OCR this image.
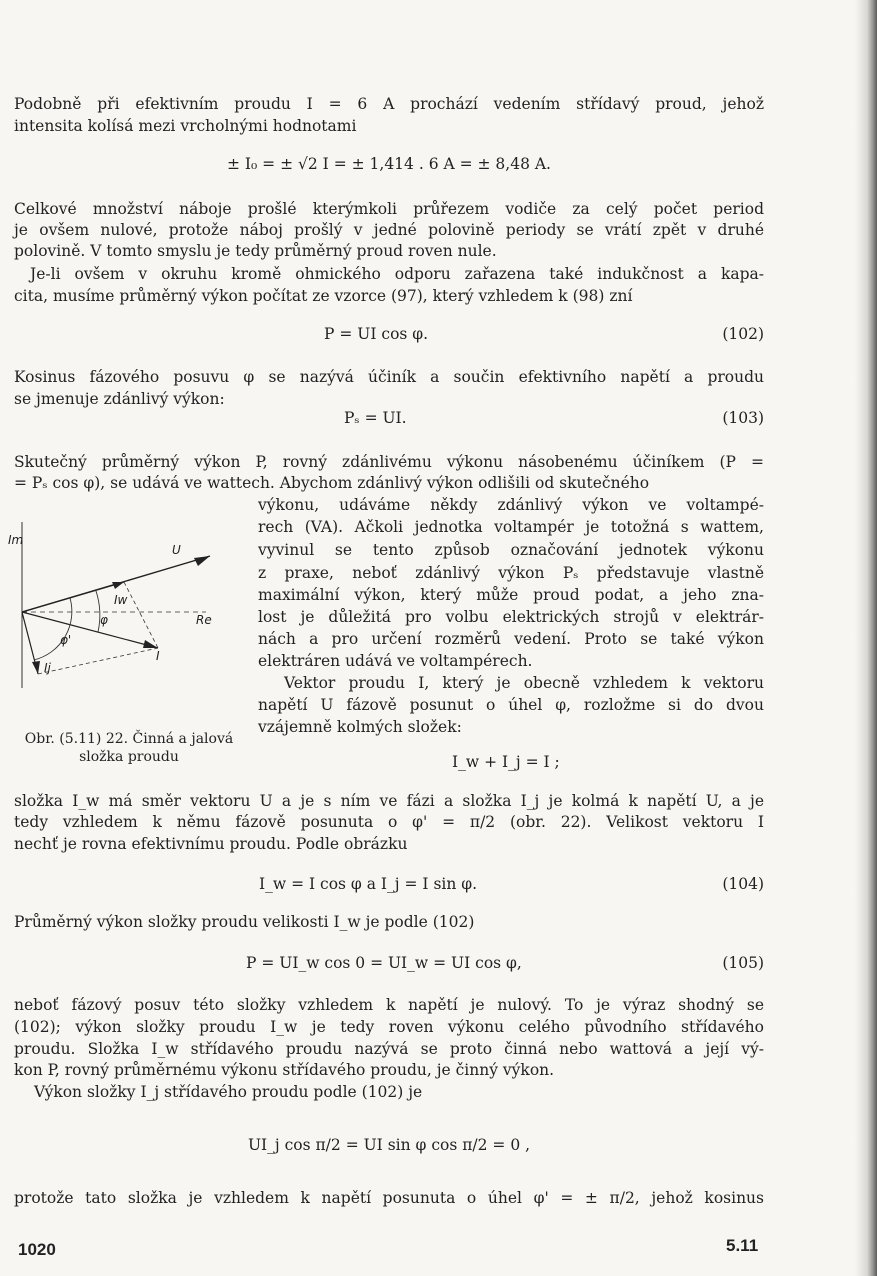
Podobně při efektivním proudu I = 6 A prochází vedením střídavý proud, jehož
intensita kolísá mezi vrcholnými hodnotami
± I₀ = ± √2 I = ± 1,414 . 6 A = ± 8,48 A.
Celkové množství náboje prošlé kterýmkoli průřezem vodiče za celý počet period
je ovšem nulové, protože náboj prošlý v jedné polovině periody se vrátí zpět v druhé
polovině. V tomto smyslu je tedy průměrný proud roven nule.
Je-li ovšem v okruhu kromě ohmického odporu zařazena také indukčnost a kapa-
cita, musíme průměrný výkon počítat ze vzorce (97), který vzhledem k (98) zní
P = UI cos φ.	(102)
Kosinus fázového posuvu φ se nazývá účiník a součin efektivního napětí a proudu
se jmenuje zdánlivý výkon:
Pₛ = UI.	(103)
Skutečný průměrný výkon P, rovný zdánlivému výkonu násobenému účiníkem (P =
= Pₛ cos φ), se udává ve wattech. Abychom zdánlivý výkon odlišili od skutečného
výkonu, udáváme někdy zdánlivý výkon ve voltampé-
rech (VA). Ačkoli jednotka voltampér je totožná s wattem,
vyvinul se tento způsob označování jednotek výkonu
z praxe, neboť zdánlivý výkon Pₛ představuje vlastně
maximální výkon, který může proud podat, a jeho zna-
lost je důležitá pro volbu elektrických strojů v elektrár-
nách a pro určení rozměrů vedení. Proto se také výkon
elektráren udává ve voltampérech.
Vektor proudu I, který je obecně vzhledem k vektoru
napětí U fázově posunut o úhel φ, rozložme si do dvou
vzájemně kolmých složek:
I_w + I_j = I ;
Im
U
Re
Iw
φ
φ'
I
Ij
Obr. (5.11) 22. Činná a jalová složka proudu
složka I_w má směr vektoru U a je s ním ve fázi a složka I_j je kolmá k napětí U, a je
tedy vzhledem k němu fázově posunuta o φ' = π/2 (obr. 22). Velikost vektoru I
nechť je rovna efektivnímu proudu. Podle obrázku
I_w = I cos φ a I_j = I sin φ.	(104)
Průměrný výkon složky proudu velikosti I_w je podle (102)
P = UI_w cos 0 = UI_w = UI cos φ,	(105)
neboť fázový posuv této složky vzhledem k napětí je nulový. To je výraz shodný se
(102); výkon složky proudu I_w je tedy roven výkonu celého původního střídavého
proudu. Složka I_w střídavého proudu nazývá se proto činná nebo wattová a její vý-
kon P, rovný průměrnému výkonu střídavého proudu, je činný výkon.
Výkon složky I_j střídavého proudu podle (102) je
UI_j cos π/2 = UI sin φ cos π/2 = 0 ,
protože tato složka je vzhledem k napětí posunuta o úhel φ' = ± π/2, jehož kosinus
1020	5.11
